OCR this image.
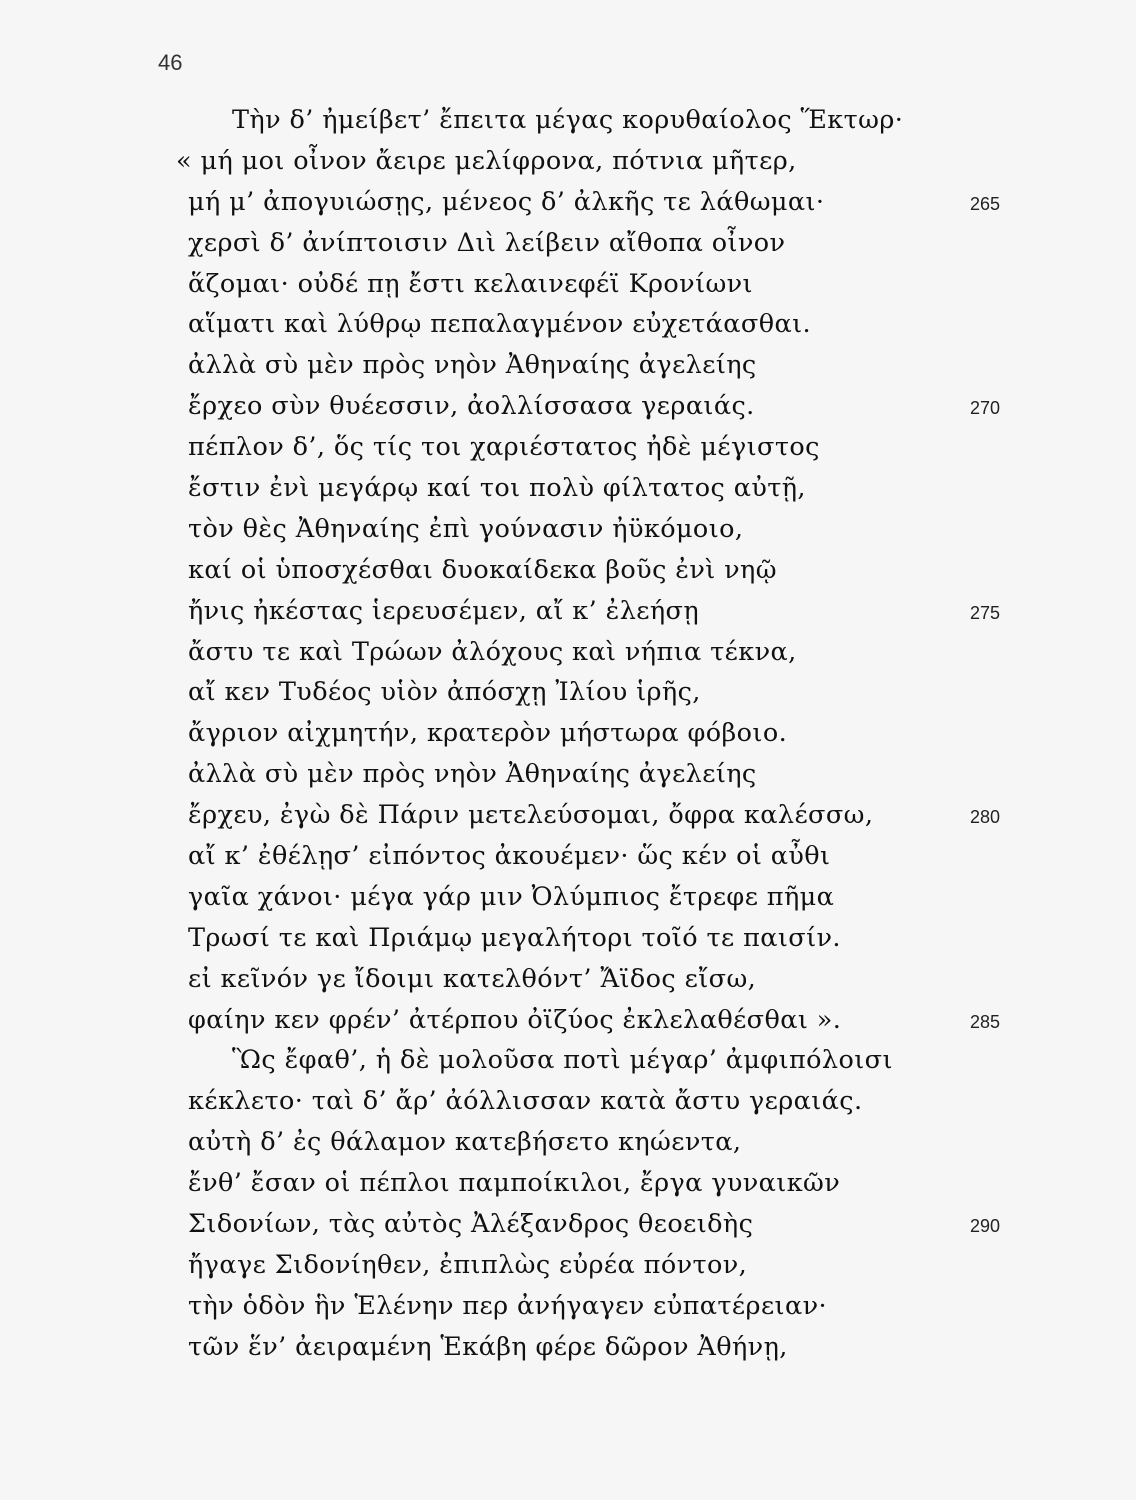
46
Τὴν δ’ ἠμείβετ’ ἔπειτα μέγας κορυθαίολος Ἕκτωρ·
« μή μοι οἶνον ἄειρε μελίφρονα, πότνια μῆτερ,
μή μ’ ἀπογυιώσῃς, μένεος δ’ ἀλκῆς τε λάθωμαι·	265
χερσὶ δ’ ἀνίπτοισιν Διὶ λείβειν αἴθοπα οἶνον
ἅζομαι· οὐδέ πῃ ἔστι κελαινεφέϊ Κρονίωνι
αἵματι καὶ λύθρῳ πεπαλαγμένον εὐχετάασθαι.
ἀλλὰ σὺ μὲν πρὸς νηὸν Ἀθηναίης ἀγελείης
ἔρχεο σὺν θυέεσσιν, ἀολλίσσασα γεραιάς.	270
πέπλον δ’, ὅς τίς τοι χαριέστατος ἠδὲ μέγιστος
ἔστιν ἐνὶ μεγάρῳ καί τοι πολὺ φίλτατος αὐτῇ,
τὸν θὲς Ἀθηναίης ἐπὶ γούνασιν ἠϋκόμοιο,
καί οἱ ὑποσχέσθαι δυοκαίδεκα βοῦς ἐνὶ νηῷ
ἤνις ἠκέστας ἱερευσέμεν, αἴ κ’ ἐλεήσῃ	275
ἄστυ τε καὶ Τρώων ἀλόχους καὶ νήπια τέκνα,
αἴ κεν Τυδέος υἱὸν ἀπόσχῃ Ἰλίου ἱρῆς,
ἄγριον αἰχμητήν, κρατερὸν μήστωρα φόβοιο.
ἀλλὰ σὺ μὲν πρὸς νηὸν Ἀθηναίης ἀγελείης
ἔρχευ, ἐγὼ δὲ Πάριν μετελεύσομαι, ὄφρα καλέσσω,	280
αἴ κ’ ἐθέλῃσ’ εἰπόντος ἀκουέμεν· ὥς κέν οἱ αὖθι
γαῖα χάνοι· μέγα γάρ μιν Ὀλύμπιος ἔτρεφε πῆμα
Τρωσί τε καὶ Πριάμῳ μεγαλήτορι τοῖό τε παισίν.
εἰ κεῖνόν γε ἴδοιμι κατελθόντ’ Ἄϊδος εἴσω,
φαίην κεν φρέν’ ἀτέρπου ὀϊζύος ἐκλελαθέσθαι ».	285
Ὣς ἔφαθ’, ἡ δὲ μολοῦσα ποτὶ μέγαρ’ ἀμφιπόλοισι
κέκλετο· ταὶ δ’ ἄρ’ ἀόλλισσαν κατὰ ἄστυ γεραιάς.
αὐτὴ δ’ ἐς θάλαμον κατεβήσετο κηώεντα,
ἔνθ’ ἔσαν οἱ πέπλοι παμποίκιλοι, ἔργα γυναικῶν
Σιδονίων, τὰς αὐτὸς Ἀλέξανδρος θεοειδὴς	290
ἤγαγε Σιδονίηθεν, ἐπιπλὼς εὐρέα πόντον,
τὴν ὁδὸν ἣν Ἑλένην περ ἀνήγαγεν εὐπατέρειαν·
τῶν ἕν’ ἀειραμένη Ἑκάβη φέρε δῶρον Ἀθήνῃ,
